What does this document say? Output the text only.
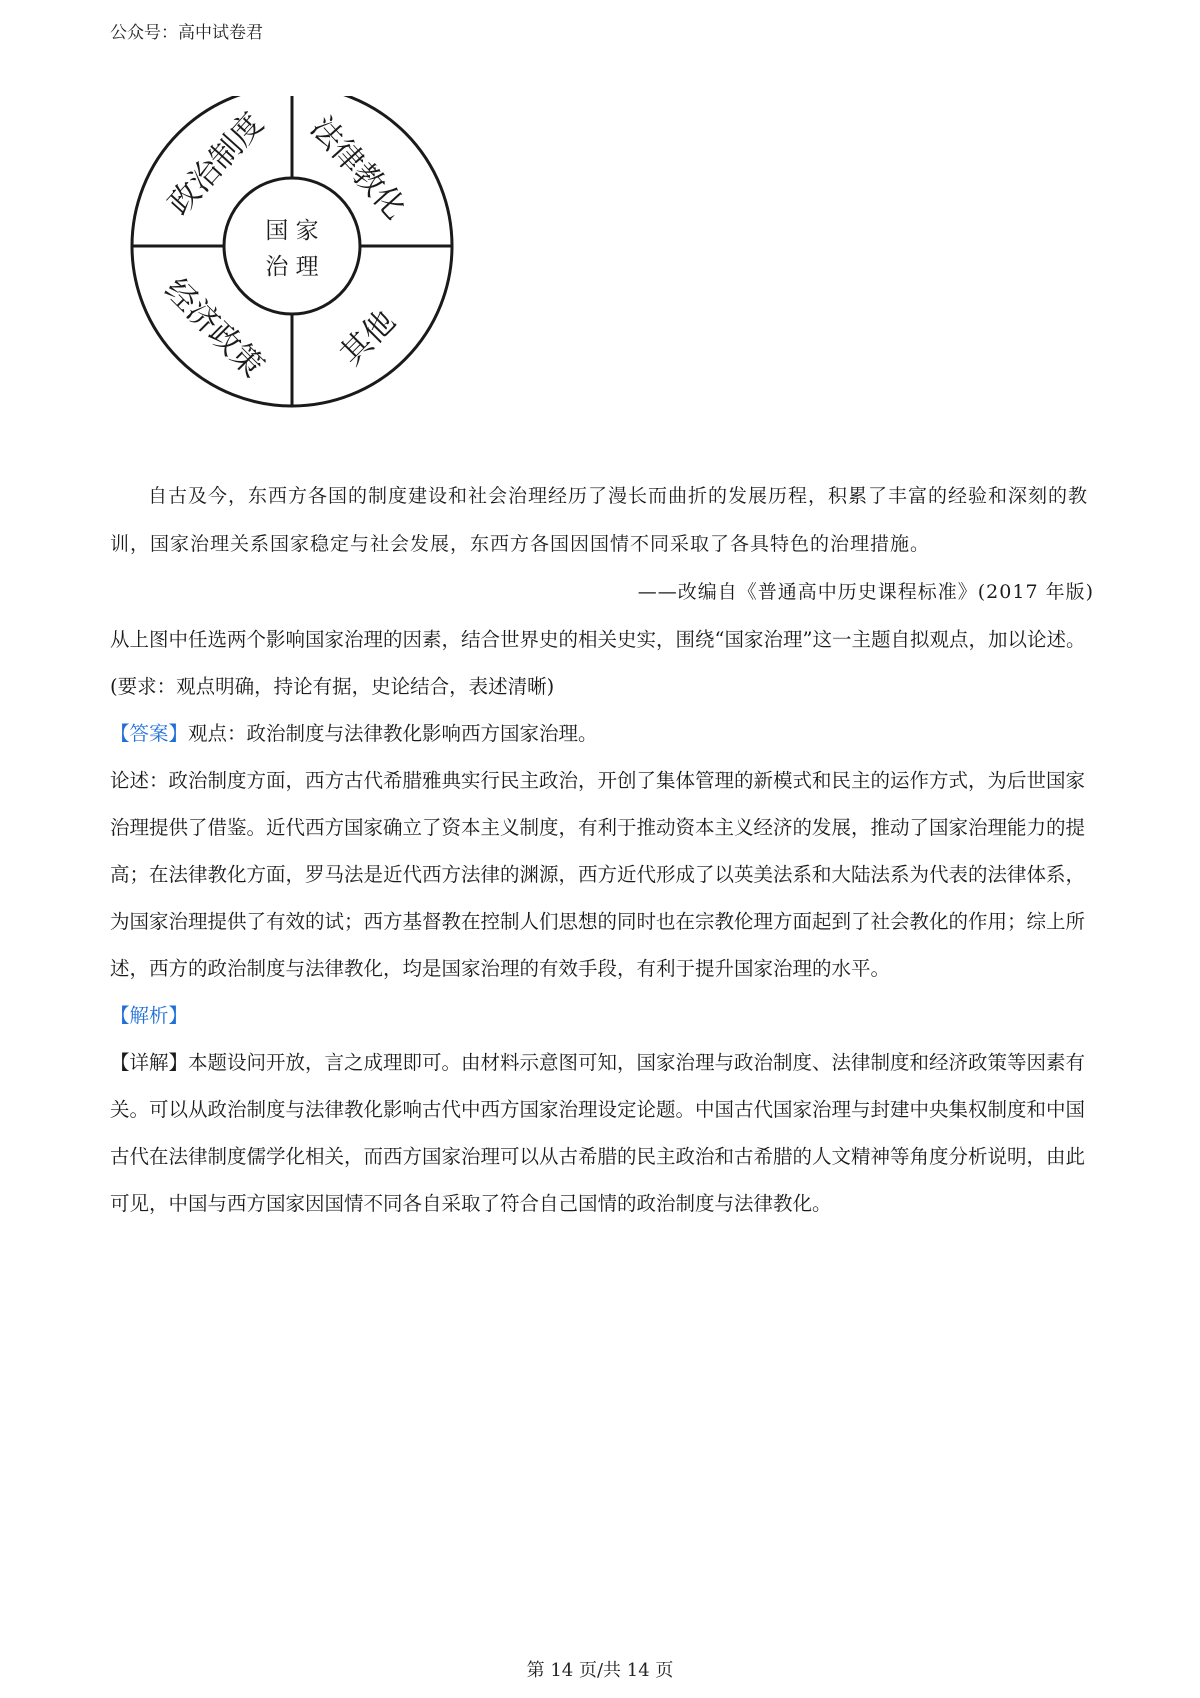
公众号：高中试卷君
国 家
治 理
政治制度 法律教化
经济政策 其他

自古及今，东西方各国的制度建设和社会治理经历了漫长而曲折的发展历程，积累了丰富的经验和深刻的教训，国家治理关系国家稳定与社会发展，东西方各国因国情不同采取了各具特色的治理措施。

——改编自《普通高中历史课程标准》(2017 年版)

从上图中任选两个影响国家治理的因素，结合世界史的相关史实，围绕“国家治理”这一主题自拟观点，加以论述。(要求：观点明确，持论有据，史论结合，表述清晰)

【答案】观点：政治制度与法律教化影响西方国家治理。

论述：政治制度方面，西方古代希腊雅典实行民主政治，开创了集体管理的新模式和民主的运作方式，为后世国家治理提供了借鉴。近代西方国家确立了资本主义制度，有利于推动资本主义经济的发展，推动了国家治理能力的提高；在法律教化方面，罗马法是近代西方法律的渊源，西方近代形成了以英美法系和大陆法系为代表的法律体系，为国家治理提供了有效的试；西方基督教在控制人们思想的同时也在宗教伦理方面起到了社会教化的作用；综上所述，西方的政治制度与法律教化，均是国家治理的有效手段，有利于提升国家治理的水平。

【解析】

【详解】本题设问开放，言之成理即可。由材料示意图可知，国家治理与政治制度、法律制度和经济政策等因素有关。可以从政治制度与法律教化影响古代中西方国家治理设定论题。中国古代国家治理与封建中央集权制度和中国古代在法律制度儒学化相关，而西方国家治理可以从古希腊的民主政治和古希腊的人文精神等角度分析说明，由此可见，中国与西方国家因国情不同各自采取了符合自己国情的政治制度与法律教化。

第 14 页/共 14 页
